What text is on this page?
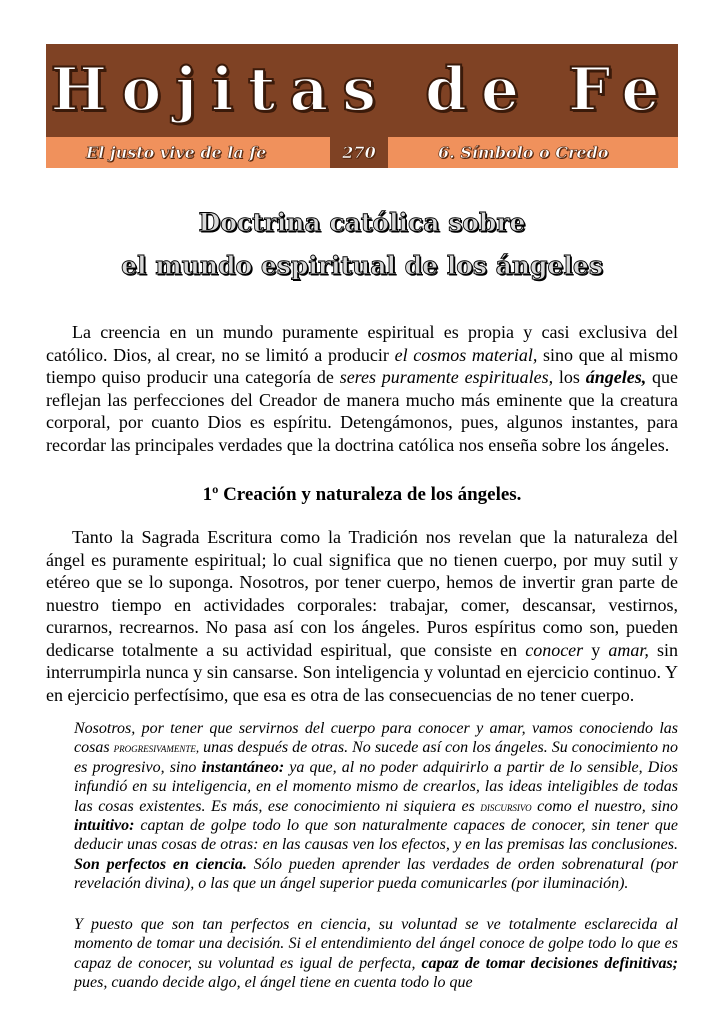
Hojitas de Fe
El justo vive de la fe	270	6. Símbolo o Credo
Doctrina católica sobre
el mundo espiritual de los ángeles

La creencia en un mundo puramente espiritual es propia y casi exclusiva del católico. Dios, al crear, no se limitó a producir el cosmos material, sino que al mismo tiempo quiso producir una categoría de seres puramente espirituales, los ángeles, que reflejan las perfecciones del Creador de manera mucho más eminente que la creatura corporal, por cuanto Dios es espíritu. Detengámonos, pues, algunos instantes, para recordar las principales verdades que la doctrina católica nos enseña sobre los ángeles.

1º Creación y naturaleza de los ángeles.

Tanto la Sagrada Escritura como la Tradición nos revelan que la naturaleza del ángel es puramente espiritual; lo cual significa que no tienen cuerpo, por muy sutil y etéreo que se lo suponga. Nosotros, por tener cuerpo, hemos de invertir gran parte de nuestro tiempo en actividades corporales: trabajar, comer, descansar, vestirnos, curarnos, recrearnos. No pasa así con los ángeles. Puros espíritus como son, pueden dedicarse totalmente a su actividad espiritual, que consiste en conocer y amar, sin interrumpirla nunca y sin cansarse. Son inteligencia y voluntad en ejercicio continuo. Y en ejercicio perfectísimo, que esa es otra de las consecuencias de no tener cuerpo.

Nosotros, por tener que servirnos del cuerpo para conocer y amar, vamos conociendo las cosas progresivamente, unas después de otras. No sucede así con los ángeles. Su conocimiento no es progresivo, sino instantáneo: ya que, al no poder adquirirlo a partir de lo sensible, Dios infundió en su inteligencia, en el momento mismo de crearlos, las ideas inteligibles de todas las cosas existentes. Es más, ese conocimiento ni siquiera es discursivo como el nuestro, sino intuitivo: captan de golpe todo lo que son naturalmente capaces de conocer, sin tener que deducir unas cosas de otras: en las causas ven los efectos, y en las premisas las conclusiones. Son perfectos en ciencia. Sólo pueden aprender las verdades de orden sobrenatural (por revelación divina), o las que un ángel superior pueda comunicarles (por iluminación).

Y puesto que son tan perfectos en ciencia, su voluntad se ve totalmente esclarecida al momento de tomar una decisión. Si el entendimiento del ángel conoce de golpe todo lo que es capaz de conocer, su voluntad es igual de perfecta, capaz de tomar decisiones definitivas; pues, cuando decide algo, el ángel tiene en cuenta todo lo que
